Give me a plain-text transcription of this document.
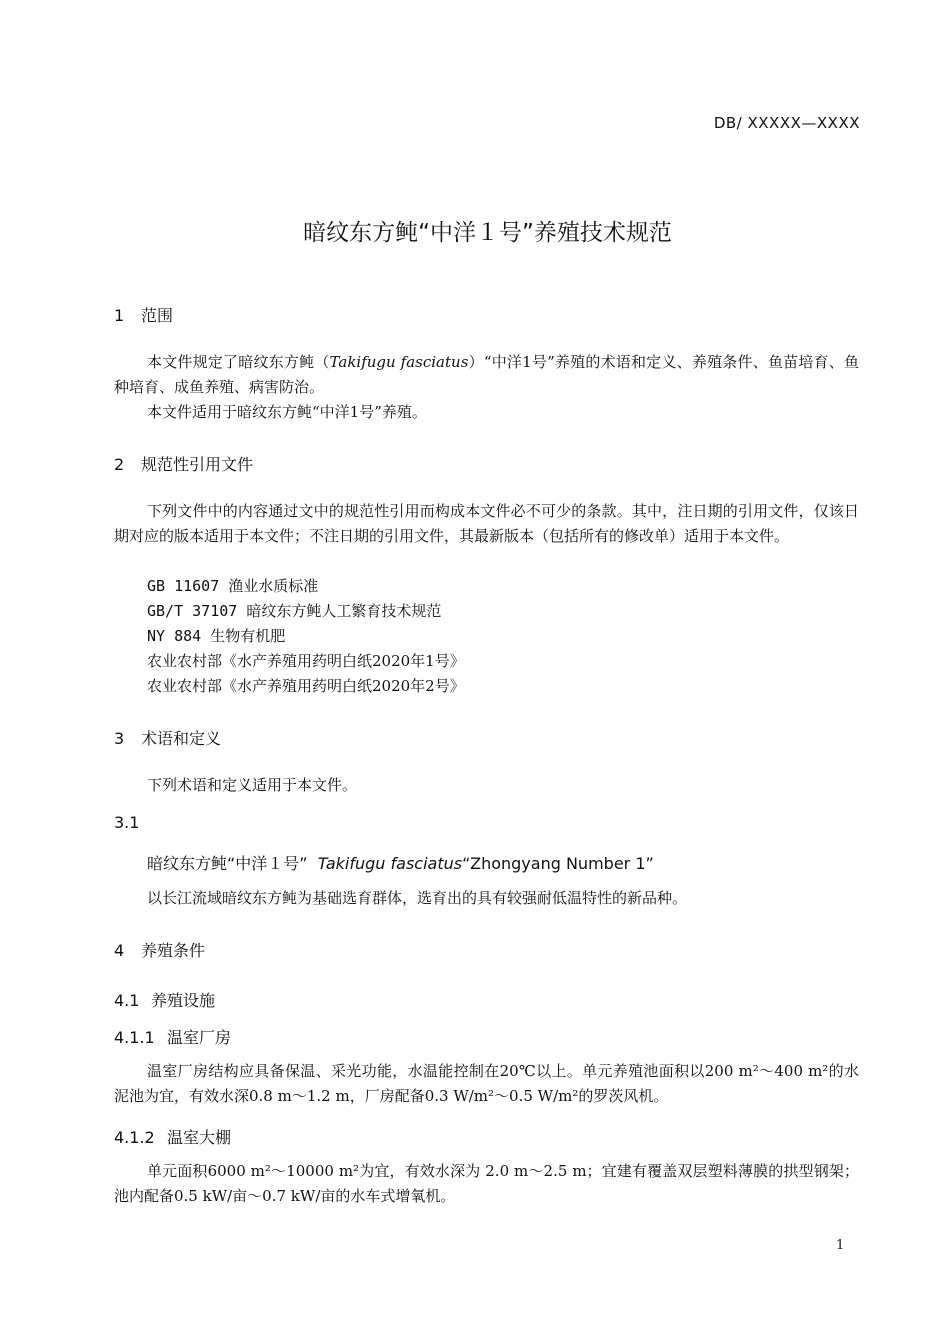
DB/ XXXXX—XXXX
暗纹东方鲀“中洋１号”养殖技术规范
1 范围
本文件规定了暗纹东方鲀（Takifugu fasciatus）“中洋1号”养殖的术语和定义、养殖条件、鱼苗培育、鱼种培育、成鱼养殖、病害防治。
本文件适用于暗纹东方鲀“中洋1号”养殖。
2 规范性引用文件
下列文件中的内容通过文中的规范性引用而构成本文件必不可少的条款。其中，注日期的引用文件，仅该日期对应的版本适用于本文件；不注日期的引用文件，其最新版本（包括所有的修改单）适用于本文件。
GB 11607 渔业水质标准
GB/T 37107 暗纹东方鲀人工繁育技术规范
NY 884 生物有机肥
农业农村部《水产养殖用药明白纸2020年1号》
农业农村部《水产养殖用药明白纸2020年2号》
3 术语和定义
下列术语和定义适用于本文件。
3.1
暗纹东方鲀“中洋１号” Takifugu fasciatus“Zhongyang Number 1”
以长江流域暗纹东方鲀为基础选育群体，选育出的具有较强耐低温特性的新品种。
4 养殖条件
4.1 养殖设施
4.1.1 温室厂房
温室厂房结构应具备保温、采光功能，水温能控制在20℃以上。单元养殖池面积以200 m²～400 m²的水泥池为宜，有效水深0.8 m～1.2 m，厂房配备0.3 W/m²～0.5 W/m²的罗茨风机。
4.1.2 温室大棚
单元面积6000 m²～10000 m²为宜，有效水深为 2.0 m～2.5 m；宜建有覆盖双层塑料薄膜的拱型钢架；池内配备0.5 kW/亩～0.7 kW/亩的水车式增氧机。
1
